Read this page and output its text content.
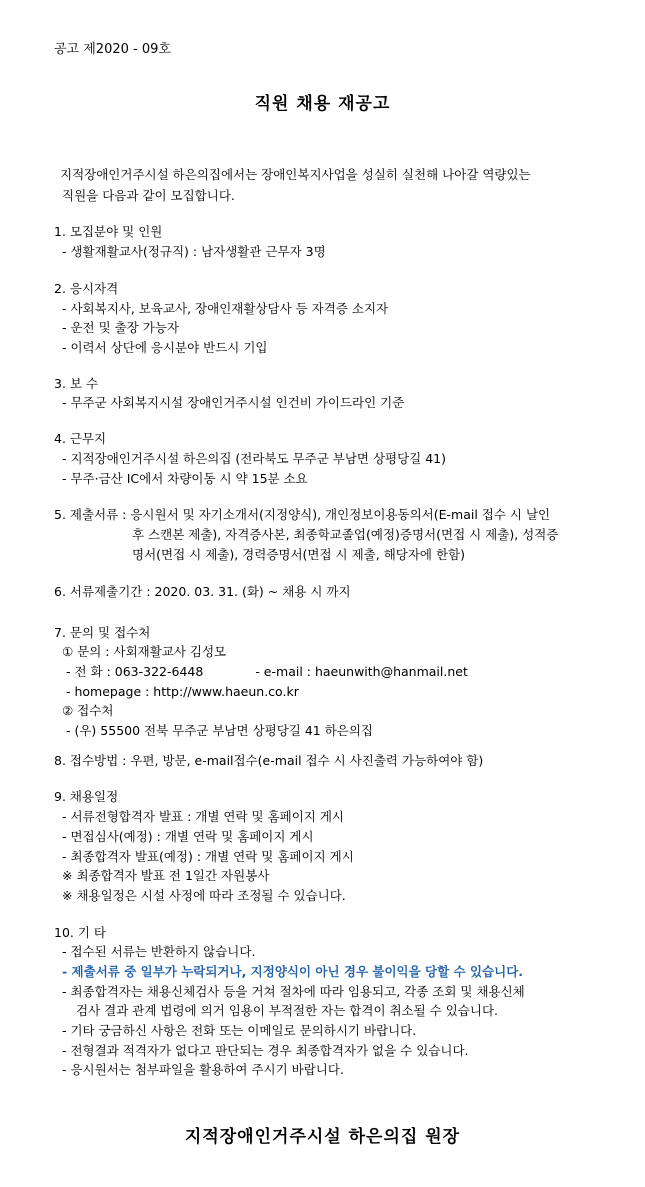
공고 제2020 - 09호
직원 채용 재공고
지적장애인거주시설 하은의집에서는 장애인복지사업을 성실히 실천해 나아갈 역량있는
직원을 다음과 같이 모집합니다.
1. 모집분야 및 인원
- 생활재활교사(정규직) : 남자생활관 근무자 3명
2. 응시자격
- 사회복지사, 보육교사, 장애인재활상담사 등 자격증 소지자
- 운전 및 출장 가능자
- 이력서 상단에 응시분야 반드시 기입
3. 보 수
- 무주군 사회복지시설 장애인거주시설 인건비 가이드라인 기준
4. 근무지
- 지적장애인거주시설 하은의집 (전라북도 무주군 부남면 상평당길 41)
- 무주·금산 IC에서 차량이동 시 약 15분 소요
5. 제출서류 : 응시원서 및 자기소개서(지정양식), 개인정보이용동의서(E-mail 접수 시 날인
후 스캔본 제출), 자격증사본, 최종학교졸업(예정)증명서(면접 시 제출), 성적증
명서(면접 시 제출), 경력증명서(면접 시 제출, 해당자에 한함)
6. 서류제출기간 : 2020. 03. 31. (화) ~ 채용 시 까지
7. 문의 및 접수처
① 문의 : 사회재활교사 김성모
- 전 화 : 063-322-6448	- e-mail : haeunwith@hanmail.net
- homepage : http://www.haeun.co.kr
② 접수처
- (우) 55500 전북 무주군 부남면 상평당길 41 하은의집
8. 접수방법 : 우편, 방문, e-mail접수(e-mail 접수 시 사진출력 가능하여야 함)
9. 채용일정
- 서류전형합격자 발표 : 개별 연락 및 홈페이지 게시
- 면접심사(예정) : 개별 연락 및 홈페이지 게시
- 최종합격자 발표(예정) : 개별 연락 및 홈페이지 게시
※ 최종합격자 발표 전 1일간 자원봉사
※ 채용일정은 시설 사정에 따라 조정될 수 있습니다.
10. 기 타
- 접수된 서류는 반환하지 않습니다.
- 제출서류 중 일부가 누락되거나, 지정양식이 아닌 경우 불이익을 당할 수 있습니다.
- 최종합격자는 채용신체검사 등을 거쳐 절차에 따라 임용되고, 각종 조회 및 채용신체
검사 결과 관계 법령에 의거 임용이 부적절한 자는 합격이 취소될 수 있습니다.
- 기타 궁금하신 사항은 전화 또는 이메일로 문의하시기 바랍니다.
- 전형결과 적격자가 없다고 판단되는 경우 최종합격자가 없을 수 있습니다.
- 응시원서는 첨부파일을 활용하여 주시기 바랍니다.
지적장애인거주시설 하은의집 원장
